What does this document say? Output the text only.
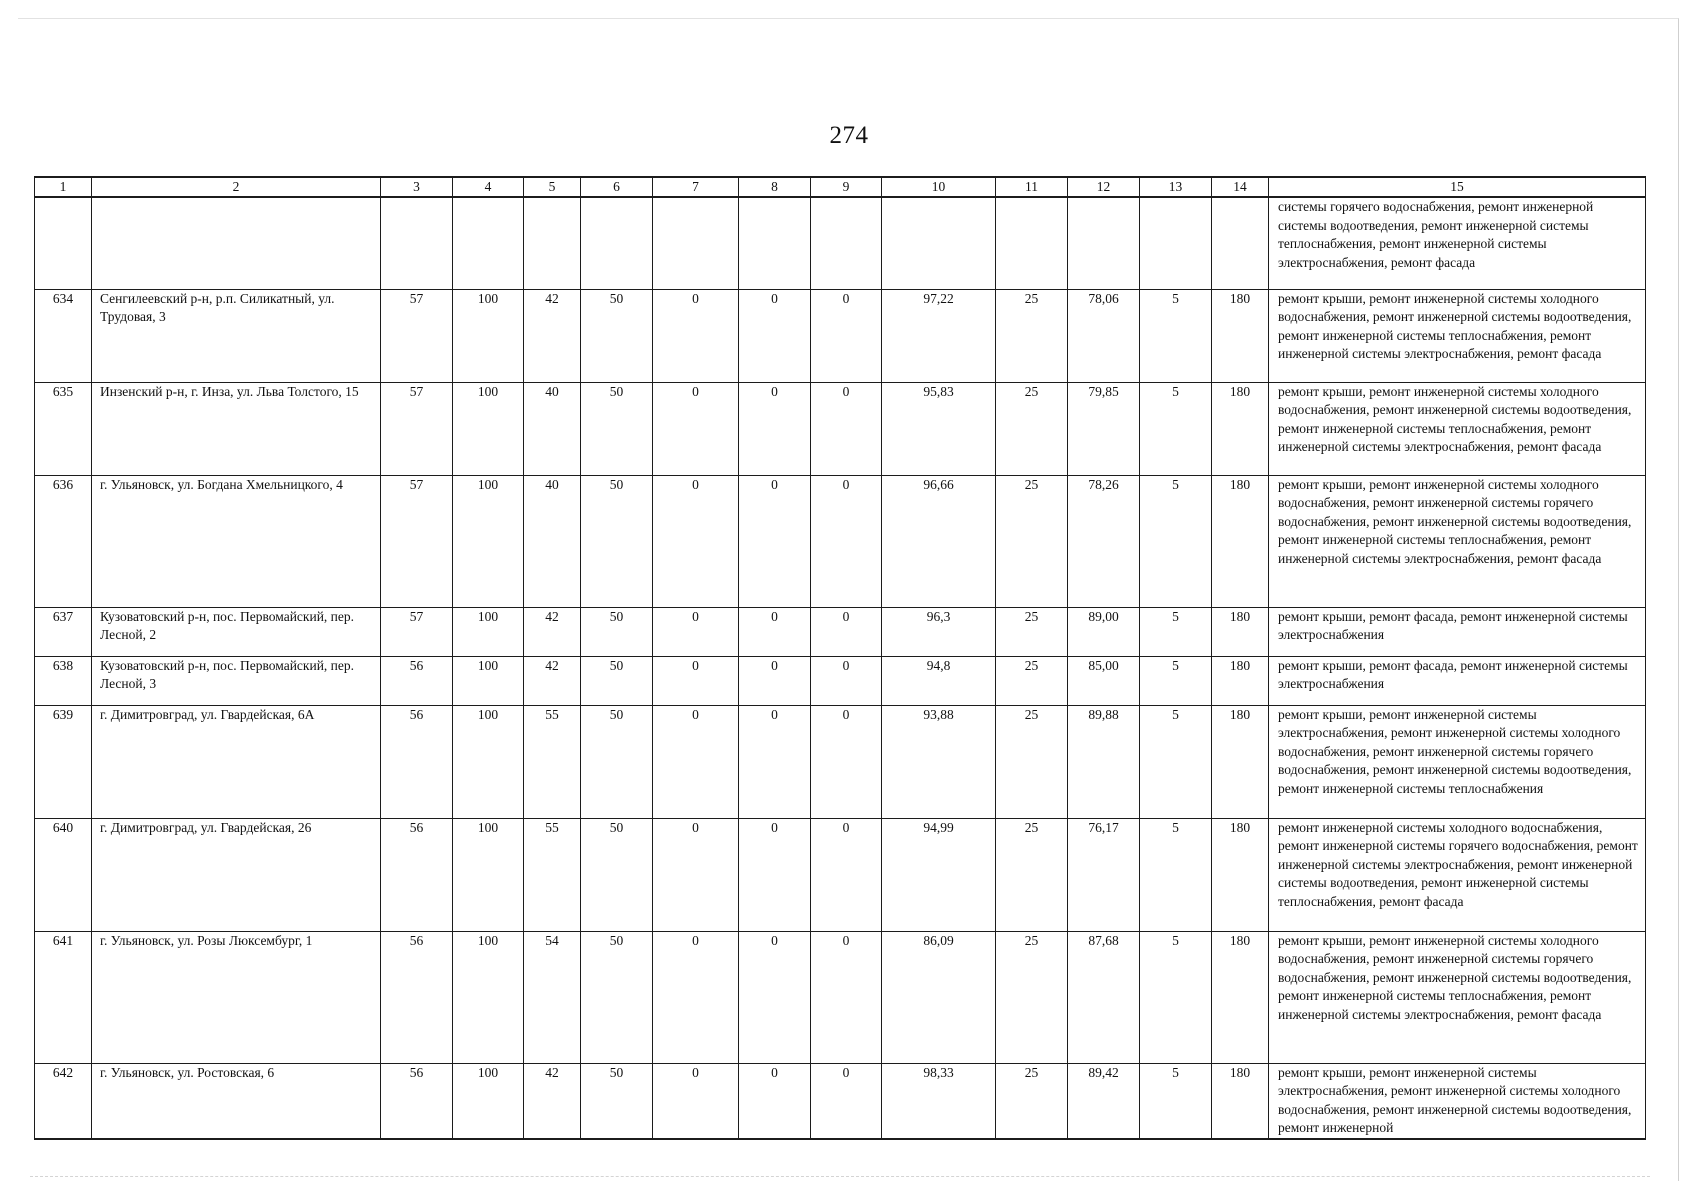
274
1	2	3	4	5	6	7	8	9	10	11	12	13	14	15
														системы горячего водоснабжения, ремонт инженерной системы водоотведения, ремонт инженерной системы теплоснабжения, ремонт инженерной системы электроснабжения, ремонт фасада
634	Сенгилеевский р-н, р.п. Силикатный, ул. Трудовая, 3	57	100	42	50	0	0	0	97,22	25	78,06	5	180	ремонт крыши, ремонт инженерной системы холодного водоснабжения, ремонт инженерной системы водоотведения, ремонт инженерной системы теплоснабжения, ремонт инженерной системы электроснабжения, ремонт фасада
635	Инзенский р-н, г. Инза, ул. Льва Толстого, 15	57	100	40	50	0	0	0	95,83	25	79,85	5	180	ремонт крыши, ремонт инженерной системы холодного водоснабжения, ремонт инженерной системы водоотведения, ремонт инженерной системы теплоснабжения, ремонт инженерной системы электроснабжения, ремонт фасада
636	г. Ульяновск, ул. Богдана Хмельницкого, 4	57	100	40	50	0	0	0	96,66	25	78,26	5	180	ремонт крыши, ремонт инженерной системы холодного водоснабжения, ремонт инженерной системы горячего водоснабжения, ремонт инженерной системы водоотведения, ремонт инженерной системы теплоснабжения, ремонт инженерной системы электроснабжения, ремонт фасада
637	Кузоватовский р-н, пос. Первомайский, пер. Лесной, 2	57	100	42	50	0	0	0	96,3	25	89,00	5	180	ремонт крыши, ремонт фасада, ремонт инженерной системы электроснабжения
638	Кузоватовский р-н, пос. Первомайский, пер. Лесной, 3	56	100	42	50	0	0	0	94,8	25	85,00	5	180	ремонт крыши, ремонт фасада, ремонт инженерной системы электроснабжения
639	г. Димитровград, ул. Гвардейская, 6А	56	100	55	50	0	0	0	93,88	25	89,88	5	180	ремонт крыши, ремонт инженерной системы электроснабжения, ремонт инженерной системы холодного водоснабжения, ремонт инженерной системы горячего водоснабжения, ремонт инженерной системы водоотведения, ремонт инженерной системы теплоснабжения
640	г. Димитровград, ул. Гвардейская, 26	56	100	55	50	0	0	0	94,99	25	76,17	5	180	ремонт инженерной системы холодного водоснабжения, ремонт инженерной системы горячего водоснабжения, ремонт инженерной системы электроснабжения, ремонт инженерной системы водоотведения, ремонт инженерной системы теплоснабжения, ремонт фасада
641	г. Ульяновск, ул. Розы Люксембург, 1	56	100	54	50	0	0	0	86,09	25	87,68	5	180	ремонт крыши, ремонт инженерной системы холодного водоснабжения, ремонт инженерной системы горячего водоснабжения, ремонт инженерной системы водоотведения, ремонт инженерной системы теплоснабжения, ремонт инженерной системы электроснабжения, ремонт фасада
642	г. Ульяновск, ул. Ростовская, 6	56	100	42	50	0	0	0	98,33	25	89,42	5	180	ремонт крыши, ремонт инженерной системы электроснабжения, ремонт инженерной системы холодного водоснабжения, ремонт инженерной системы водоотведения, ремонт инженерной
